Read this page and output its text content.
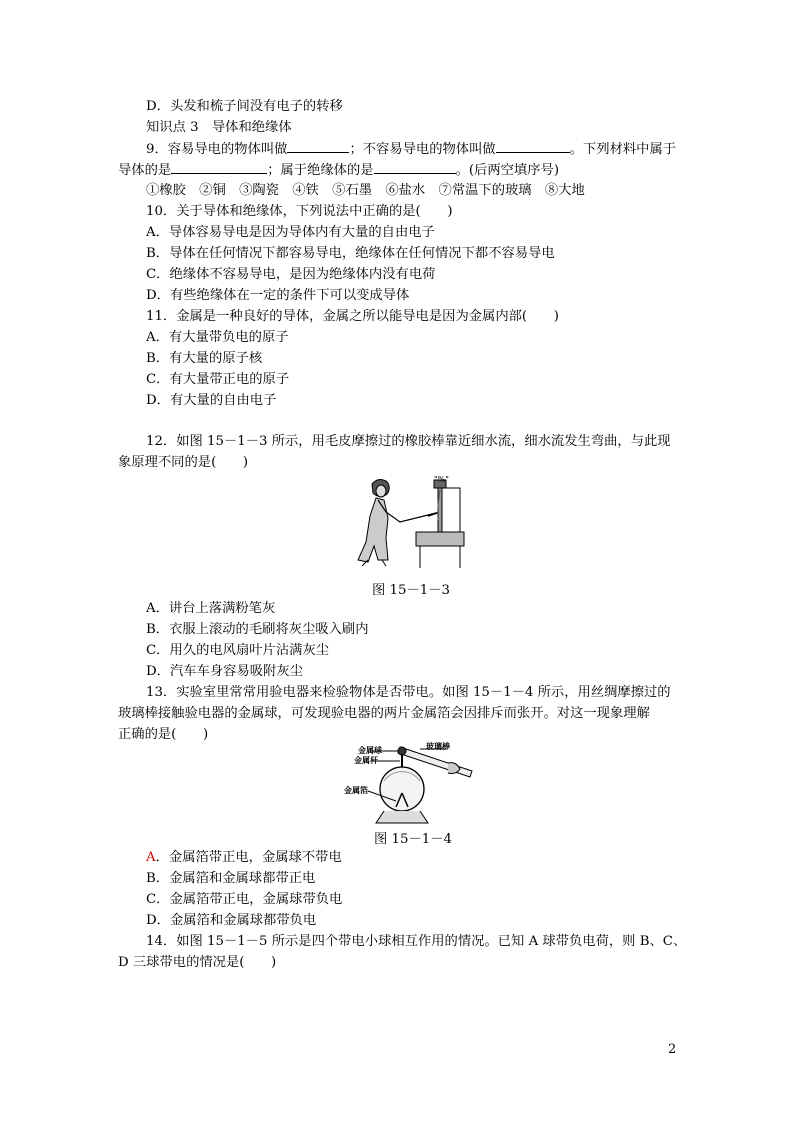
D．头发和梳子间没有电子的转移
知识点 3　导体和绝缘体
9．容易导电的物体叫做	；不容易导电的物体叫做	。下列材料中属于
导体的是	；属于绝缘体的是	。(后两空填序号)
①橡胶　②铜　③陶瓷　④铁　⑤石墨　⑥盐水　⑦常温下的玻璃　⑧大地
10．关于导体和绝缘体，下列说法中正确的是(　　)
A．导体容易导电是因为导体内有大量的自由电子
B．导体在任何情况下都容易导电，绝缘体在任何情况下都不容易导电
C．绝缘体不容易导电，是因为绝缘体内没有电荷
D．有些绝缘体在一定的条件下可以变成导体
11．金属是一种良好的导体，金属之所以能导电是因为金属内部(　　)
A．有大量带负电的原子
B．有大量的原子核
C．有大量带正电的原子
D．有大量的自由电子
12．如图 15－1－3 所示，用毛皮摩擦过的橡胶棒靠近细水流，细水流发生弯曲，与此现
象原理不同的是(　　)
"%"
图 15－1－3
A．讲台上落满粉笔灰
B．衣服上滚动的毛刷将灰尘吸入刷内
C．用久的电风扇叶片沾满灰尘
D．汽车车身容易吸附灰尘
13．实验室里常常用验电器来检验物体是否带电。如图 15－1－4 所示，用丝绸摩擦过的
玻璃棒接触验电器的金属球，可发现验电器的两片金属箔会因排斥而张开。对这一现象理解
正确的是(　　)
金属球
金属杆
金属箔
玻璃棒
图 15－1－4
A．金属箔带正电，金属球不带电
B．金属箔和金属球都带正电
C．金属箔带正电，金属球带负电
D．金属箔和金属球都带负电
14．如图 15－1－5 所示是四个带电小球相互作用的情况。已知 A 球带负电荷，则 B、C、
D 三球带电的情况是(　　)
2
